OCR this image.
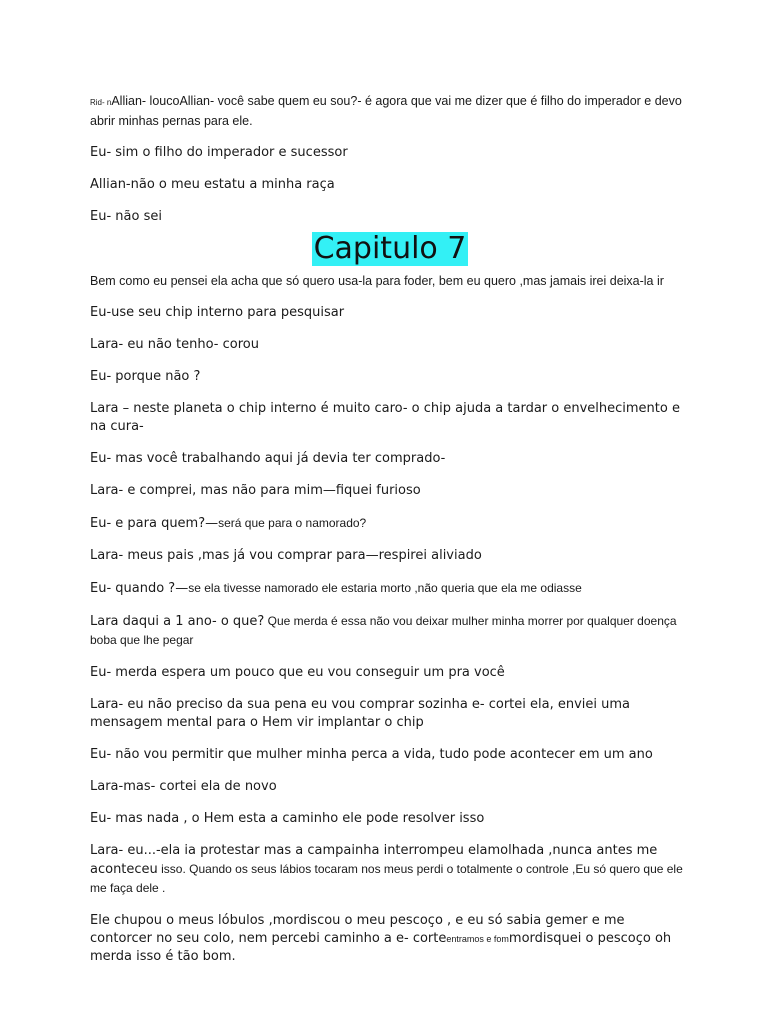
Rid- nAllian- loucoAllian- você sabe quem eu sou?- é agora que vai me dizer que é filho do imperador e devo abrir minhas pernas para ele.

Eu- sim o filho do imperador e sucessor

Allian-não o meu estatu a minha raça

Eu- não sei

Capitulo 7

Bem como eu pensei ela acha que só quero usa-la para foder, bem eu quero ,mas jamais irei deixa-la ir

Eu-use seu chip interno para pesquisar

Lara- eu não tenho- corou

Eu- porque não ?

Lara – neste planeta o chip interno é muito caro- o chip ajuda a tardar o envelhecimento e na cura-

Eu- mas você trabalhando aqui já devia ter comprado-

Lara- e comprei, mas não para mim—fiquei furioso

Eu- e para quem?—será que para o namorado?

Lara- meus pais ,mas já vou comprar para—respirei aliviado

Eu- quando ?—se ela tivesse namorado ele estaria morto ,não queria que ela me odiasse

Lara daqui a 1 ano- o que? Que merda é essa não vou deixar mulher minha morrer por qualquer doença boba que lhe pegar

Eu- merda espera um pouco que eu vou conseguir um pra você

Lara- eu não preciso da sua pena eu vou comprar sozinha e- cortei ela, enviei uma mensagem mental para o Hem vir implantar o chip

Eu- não vou permitir que mulher minha perca a vida, tudo pode acontecer em um ano

Lara-mas- cortei ela de novo

Eu- mas nada , o Hem esta a caminho ele pode resolver isso

Lara- eu...-ela ia protestar mas a campainha interrompeu elamolhada ,nunca antes me aconteceu isso. Quando os seus lábios tocaram nos meus perdi o totalmente o controle ,Eu só quero que ele me faça dele .

Ele chupou o meus lóbulos ,mordiscou o meu pescoço , e eu só sabia gemer e me contorcer no seu colo, nem percebi caminho a e- corteentramos e fommordisquei o pescoço oh merda isso é tão bom.
